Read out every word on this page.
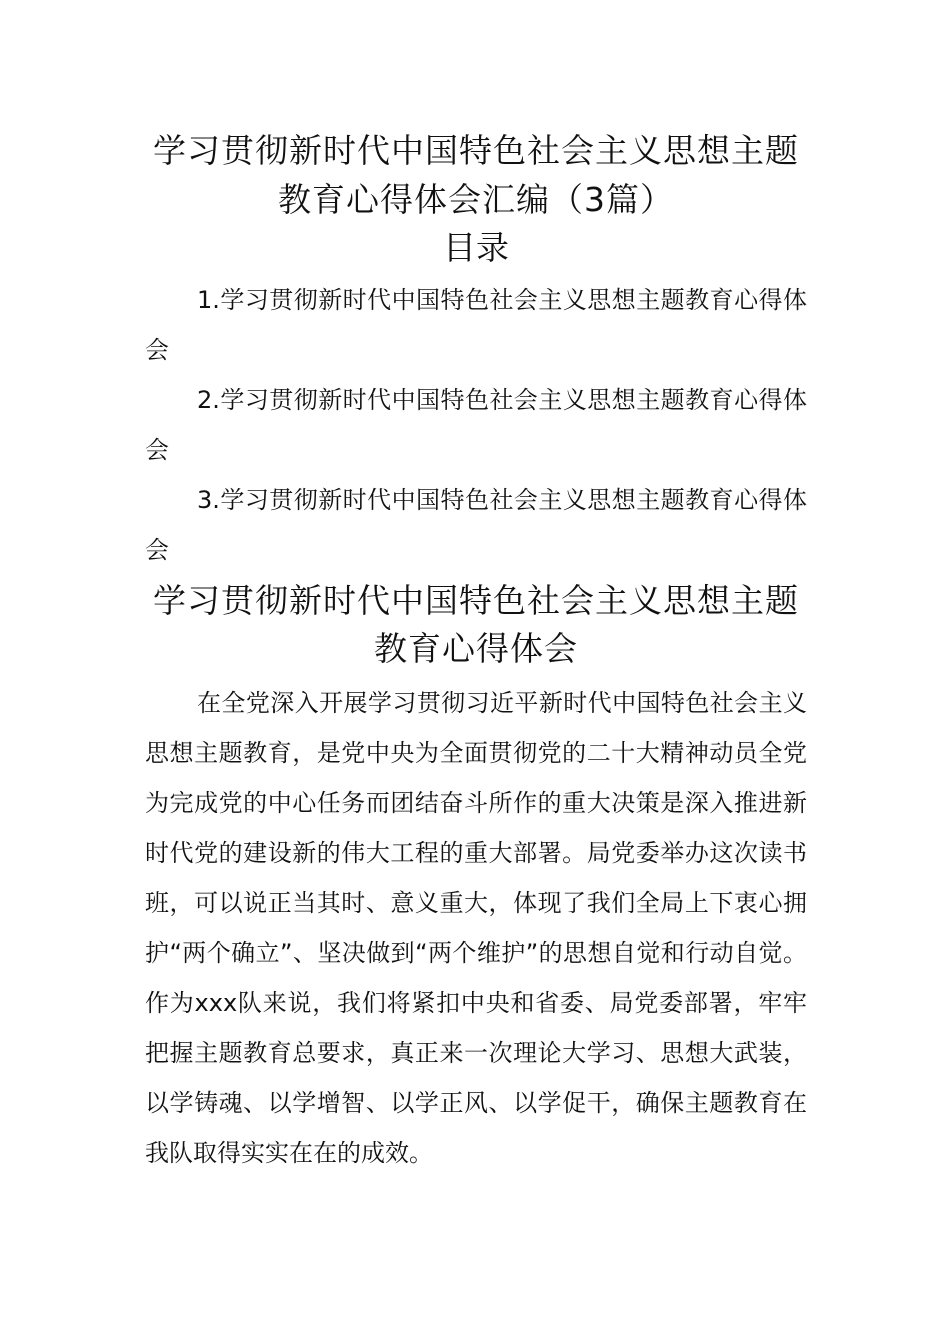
学习贯彻新时代中国特色社会主义思想主题教育心得体会汇编（3篇）
目录
1.学习贯彻新时代中国特色社会主义思想主题教育心得体会
2.学习贯彻新时代中国特色社会主义思想主题教育心得体会
3.学习贯彻新时代中国特色社会主义思想主题教育心得体会
学习贯彻新时代中国特色社会主义思想主题教育心得体会

在全党深入开展学习贯彻习近平新时代中国特色社会主义思想主题教育，是党中央为全面贯彻党的二十大精神动员全党为完成党的中心任务而团结奋斗所作的重大决策是深入推进新时代党的建设新的伟大工程的重大部署。局党委举办这次读书班，可以说正当其时、意义重大，体现了我们全局上下衷心拥护“两个确立”、坚决做到“两个维护”的思想自觉和行动自觉。作为xxx队来说，我们将紧扣中央和省委、局党委部署，牢牢把握主题教育总要求，真正来一次理论大学习、思想大武装，以学铸魂、以学增智、以学正风、以学促干，确保主题教育在我队取得实实在在的成效。
